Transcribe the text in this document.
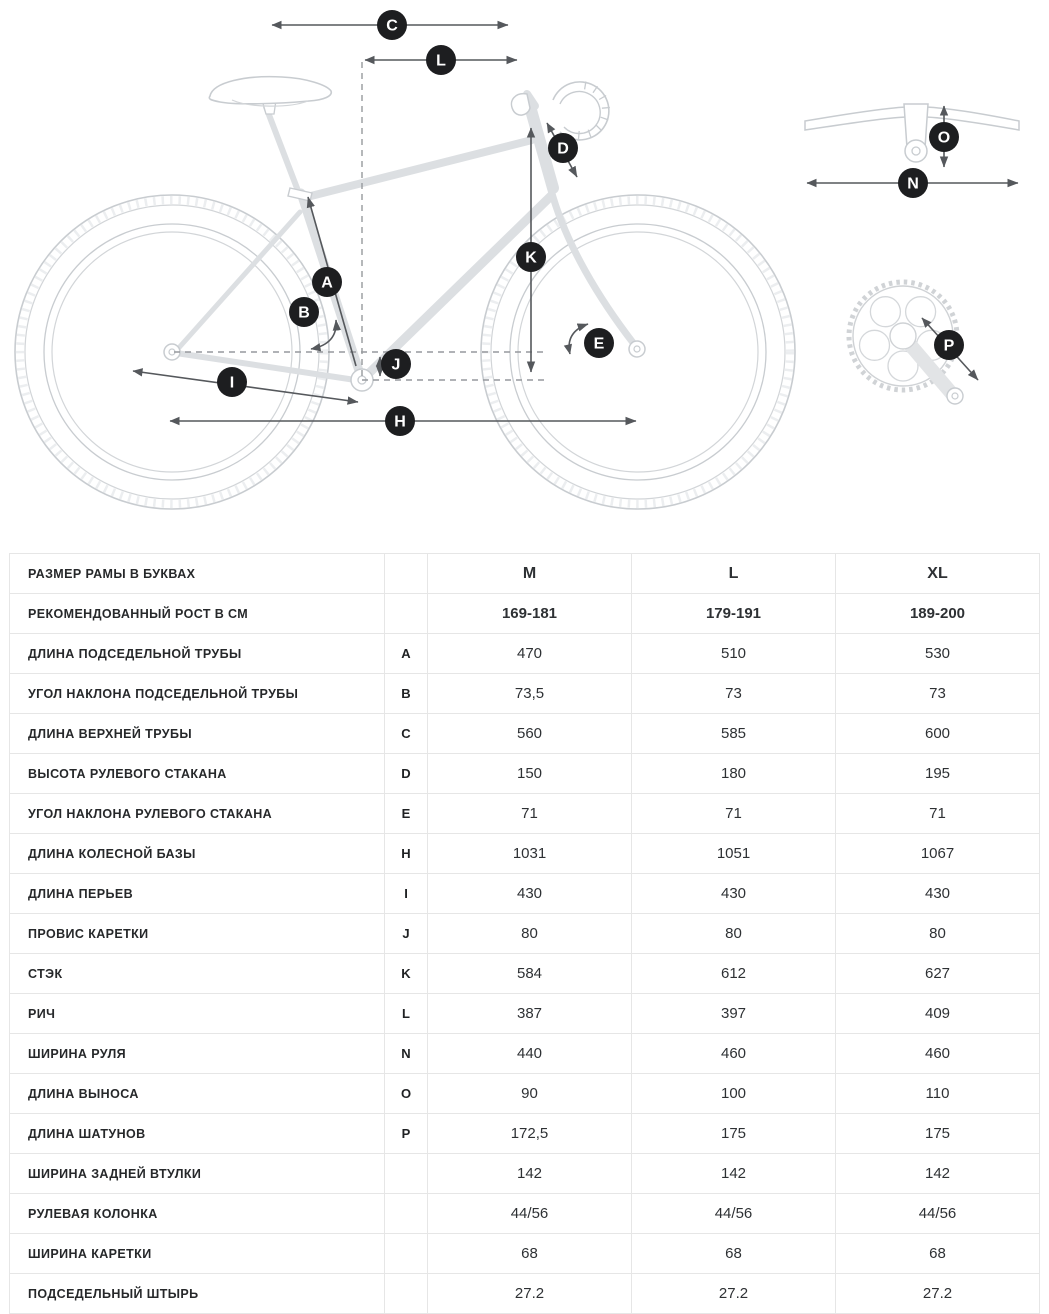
C
L
D
K
A
B
J
I
H
E
O
N
P
РАЗМЕР РАМЫ В БУКВАХ		M	L	XL
РЕКОМЕНДОВАННЫЙ РОСТ В СМ		169-181	179-191	189-200
ДЛИНА ПОДСЕДЕЛЬНОЙ ТРУБЫ	A	470	510	530
УГОЛ НАКЛОНА ПОДСЕДЕЛЬНОЙ ТРУБЫ	B	73,5	73	73
ДЛИНА ВЕРХНЕЙ ТРУБЫ	C	560	585	600
ВЫСОТА РУЛЕВОГО СТАКАНА	D	150	180	195
УГОЛ НАКЛОНА РУЛЕВОГО СТАКАНА	E	71	71	71
ДЛИНА КОЛЕСНОЙ БАЗЫ	H	1031	1051	1067
ДЛИНА ПЕРЬЕВ	I	430	430	430
ПРОВИС КАРЕТКИ	J	80	80	80
СТЭК	K	584	612	627
РИЧ	L	387	397	409
ШИРИНА РУЛЯ	N	440	460	460
ДЛИНА ВЫНОСА	O	90	100	110
ДЛИНА ШАТУНОВ	P	172,5	175	175
ШИРИНА ЗАДНЕЙ ВТУЛКИ		142	142	142
РУЛЕВАЯ КОЛОНКА		44/56	44/56	44/56
ШИРИНА КАРЕТКИ		68	68	68
ПОДСЕДЕЛЬНЫЙ ШТЫРЬ		27.2	27.2	27.2
